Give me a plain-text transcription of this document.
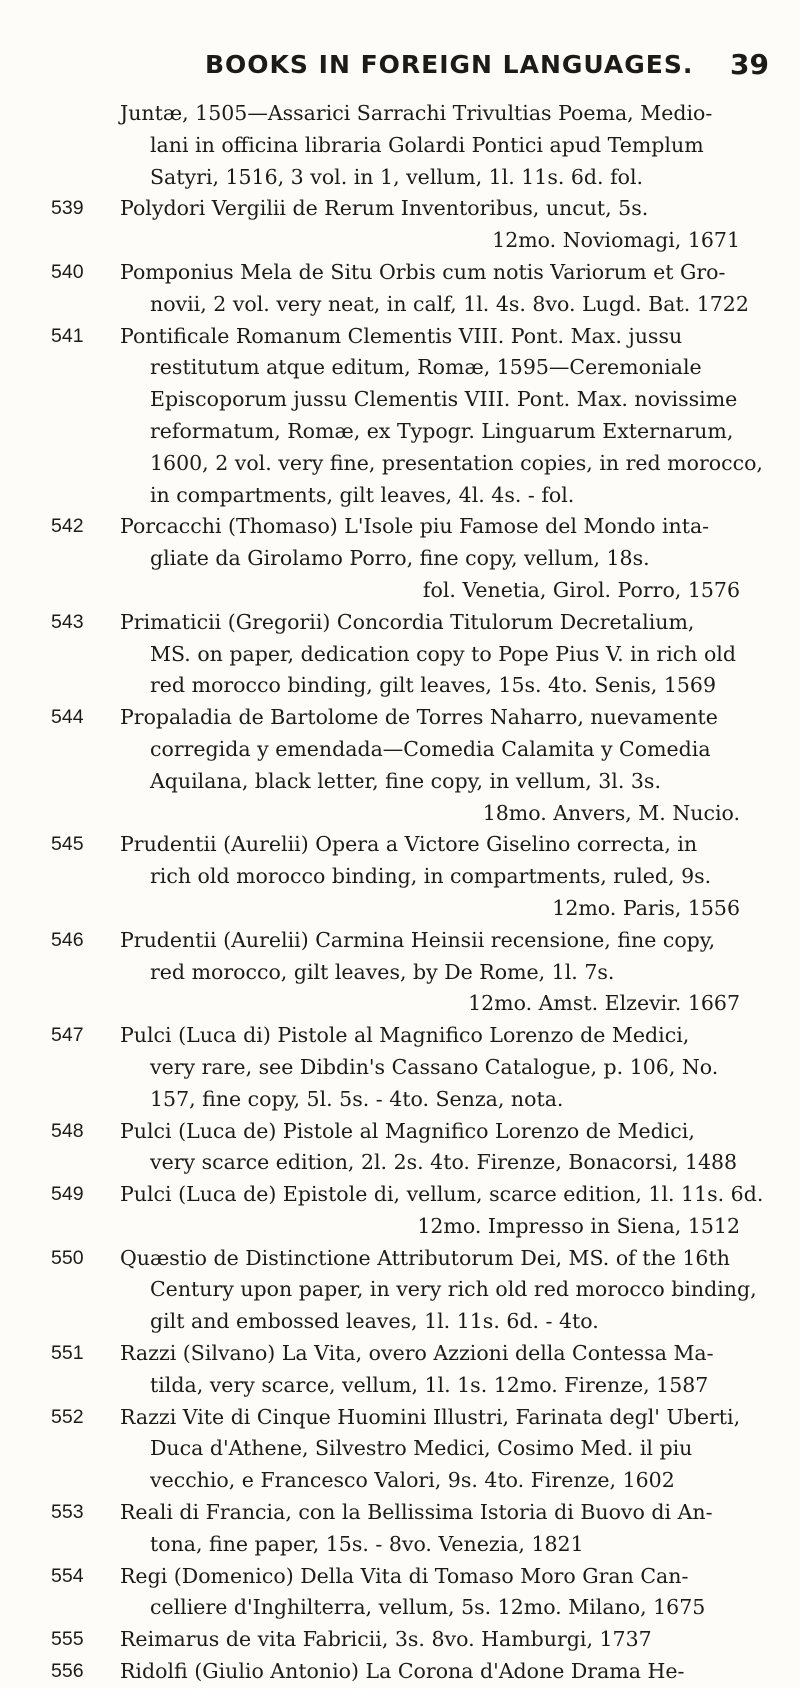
BOOKS IN FOREIGN LANGUAGES. 39
Juntæ, 1505—Assarici Sarrachi Trivultias Poema, Medio-
lani in officina libraria Golardi Pontici apud Templum
Satyri, 1516, 3 vol. in 1, vellum, 1l. 11s. 6d. fol.
539	Polydori Vergilii de Rerum Inventoribus, uncut, 5s.
12mo. Noviomagi, 1671
540	Pomponius Mela de Situ Orbis cum notis Variorum et Gro-
novii, 2 vol. very neat, in calf, 1l. 4s. 8vo. Lugd. Bat. 1722
541	Pontificale Romanum Clementis VIII. Pont. Max. jussu
restitutum atque editum, Romæ, 1595—Ceremoniale
Episcoporum jussu Clementis VIII. Pont. Max. novissime
reformatum, Romæ, ex Typogr. Linguarum Externarum,
1600, 2 vol. very fine, presentation copies, in red morocco,
in compartments, gilt leaves, 4l. 4s. - fol.
542	Porcacchi (Thomaso) L'Isole piu Famose del Mondo inta-
gliate da Girolamo Porro, fine copy, vellum, 18s.
fol. Venetia, Girol. Porro, 1576
543	Primaticii (Gregorii) Concordia Titulorum Decretalium,
MS. on paper, dedication copy to Pope Pius V. in rich old
red morocco binding, gilt leaves, 15s. 4to. Senis, 1569
544	Propaladia de Bartolome de Torres Naharro, nuevamente
corregida y emendada—Comedia Calamita y Comedia
Aquilana, black letter, fine copy, in vellum, 3l. 3s.
18mo. Anvers, M. Nucio.
545	Prudentii (Aurelii) Opera a Victore Giselino correcta, in
rich old morocco binding, in compartments, ruled, 9s.
12mo. Paris, 1556
546	Prudentii (Aurelii) Carmina Heinsii recensione, fine copy,
red morocco, gilt leaves, by De Rome, 1l. 7s.
12mo. Amst. Elzevir. 1667
547	Pulci (Luca di) Pistole al Magnifico Lorenzo de Medici,
very rare, see Dibdin's Cassano Catalogue, p. 106, No.
157, fine copy, 5l. 5s. - 4to. Senza, nota.
548	Pulci (Luca de) Pistole al Magnifico Lorenzo de Medici,
very scarce edition, 2l. 2s. 4to. Firenze, Bonacorsi, 1488
549	Pulci (Luca de) Epistole di, vellum, scarce edition, 1l. 11s. 6d.
12mo. Impresso in Siena, 1512
550	Quæstio de Distinctione Attributorum Dei, MS. of the 16th
Century upon paper, in very rich old red morocco binding,
gilt and embossed leaves, 1l. 11s. 6d. - 4to.
551	Razzi (Silvano) La Vita, overo Azzioni della Contessa Ma-
tilda, very scarce, vellum, 1l. 1s. 12mo. Firenze, 1587
552	Razzi Vite di Cinque Huomini Illustri, Farinata degl' Uberti,
Duca d'Athene, Silvestro Medici, Cosimo Med. il piu
vecchio, e Francesco Valori, 9s. 4to. Firenze, 1602
553	Reali di Francia, con la Bellissima Istoria di Buovo di An-
tona, fine paper, 15s. - 8vo. Venezia, 1821
554	Regi (Domenico) Della Vita di Tomaso Moro Gran Can-
celliere d'Inghilterra, vellum, 5s. 12mo. Milano, 1675
555	Reimarus de vita Fabricii, 3s. 8vo. Hamburgi, 1737
556	Ridolfi (Giulio Antonio) La Corona d'Adone Drama He-
